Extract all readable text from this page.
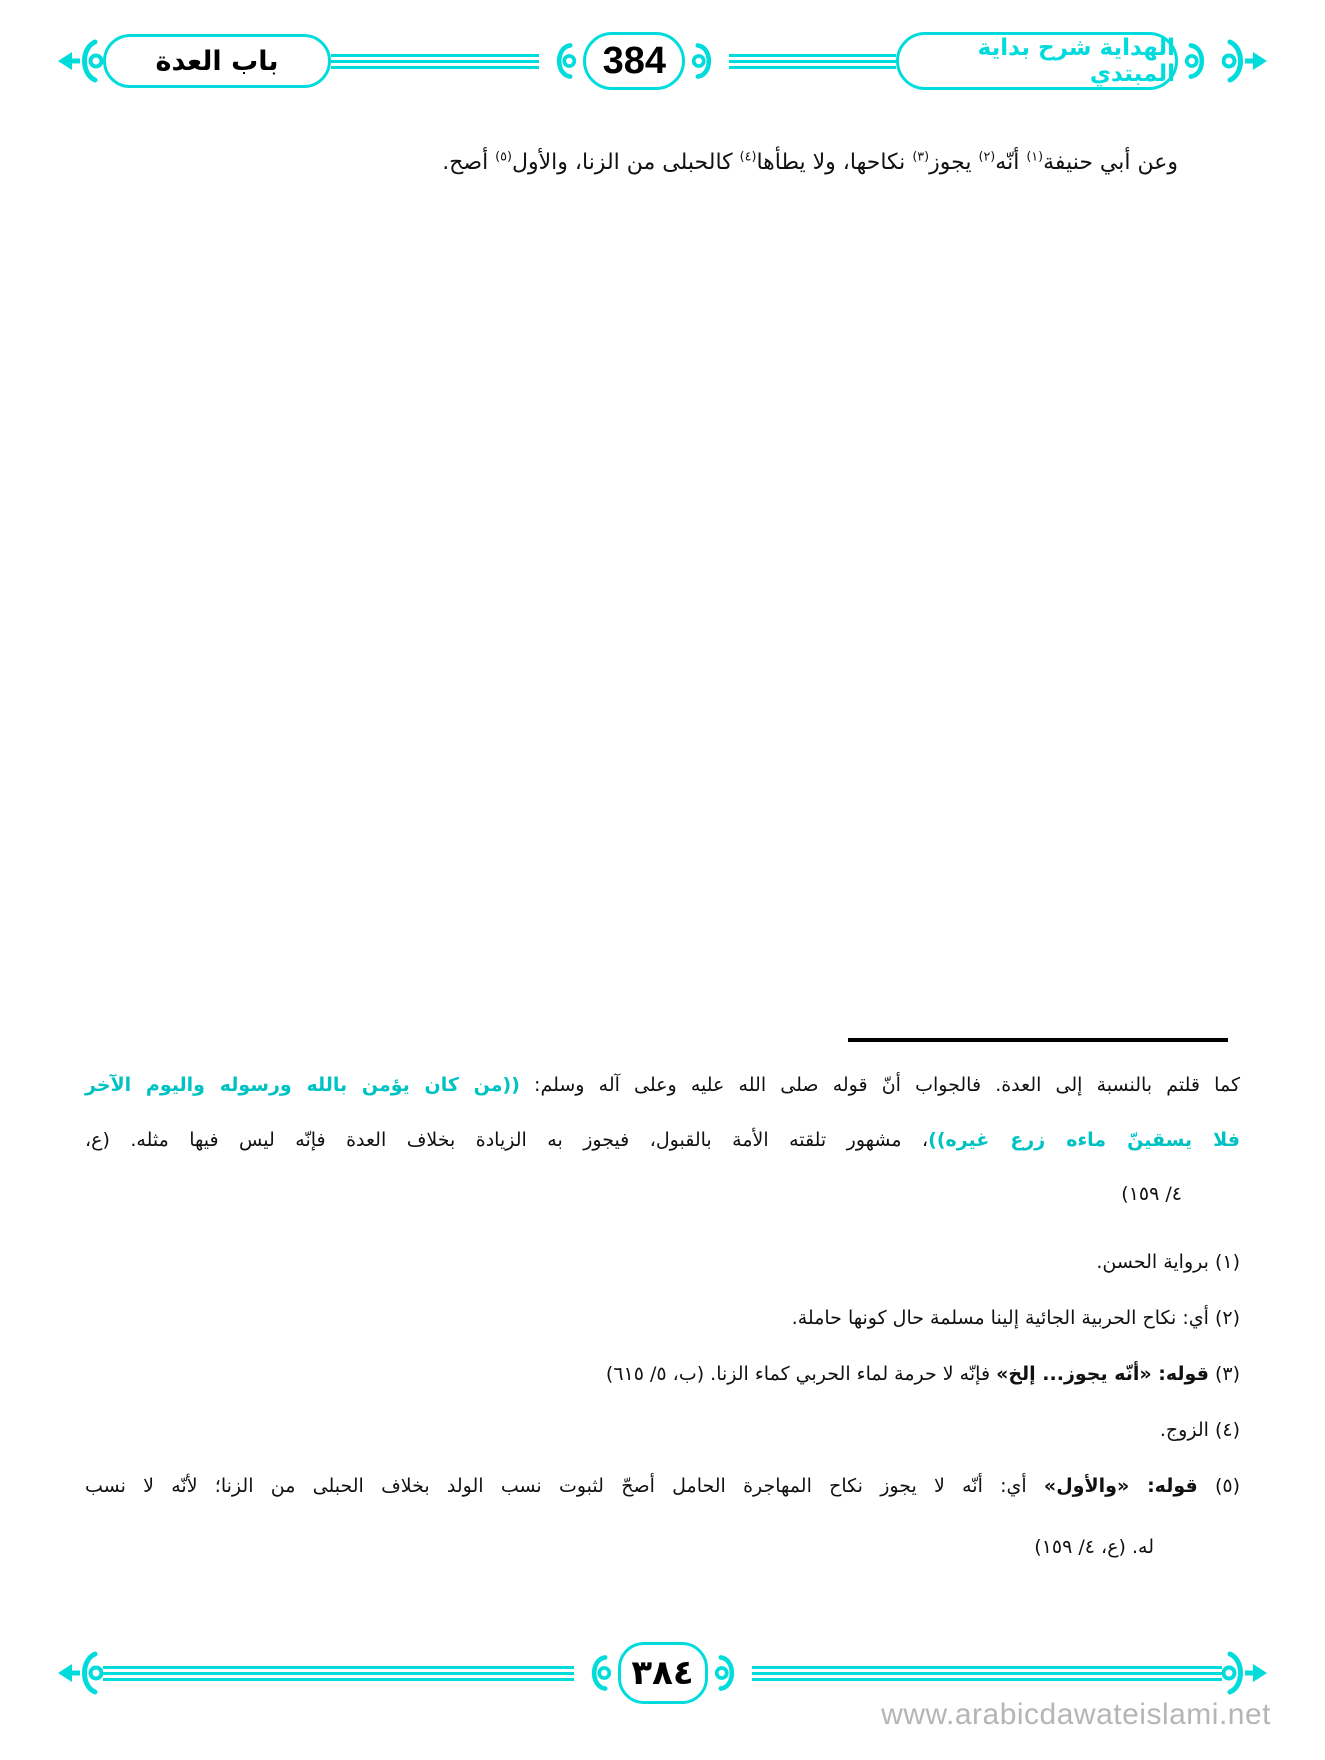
باب العدة	384	الهداية شرح بداية المبتدي
وعن أبي حنيفة$^{(١)}$ أنّه$^{(٢)}$ يجوز$^{(٣)}$ نكاحها، ولا يطأها$^{(٤)}$ كالحبلى من الزنا، والأول$^{(٥)}$ أصح.
كما قلتم بالنسبة إلى العدة. فالجواب أنّ قوله صلى الله عليه وعلى آله وسلم: ((من كان يؤمن بالله ورسوله واليوم الآخر
فلا يسقينّ ماءه زرع غيره))، مشهور تلقته الأمة بالقبول، فيجوز به الزيادة بخلاف العدة فإنّه ليس فيها مثله. (ع،
٤/ ١٥٩)
(١) برواية الحسن.
(٢) أي: نكاح الحربية الجائية إلينا مسلمة حال كونها حاملة.
(٣) قوله: «أنّه يجوز... إلخ» فإنّه لا حرمة لماء الحربي كماء الزنا. (ب، ٥/ ٦١٥)
(٤) الزوج.
(٥) قوله: «والأول» أي: أنّه لا يجوز نكاح المهاجرة الحامل أصحّ لثبوت نسب الولد بخلاف الحبلى من الزنا؛ لأنّه لا نسب
له. (ع، ٤/ ١٥٩)
٣٨٤
www.arabicdawateislami.net
